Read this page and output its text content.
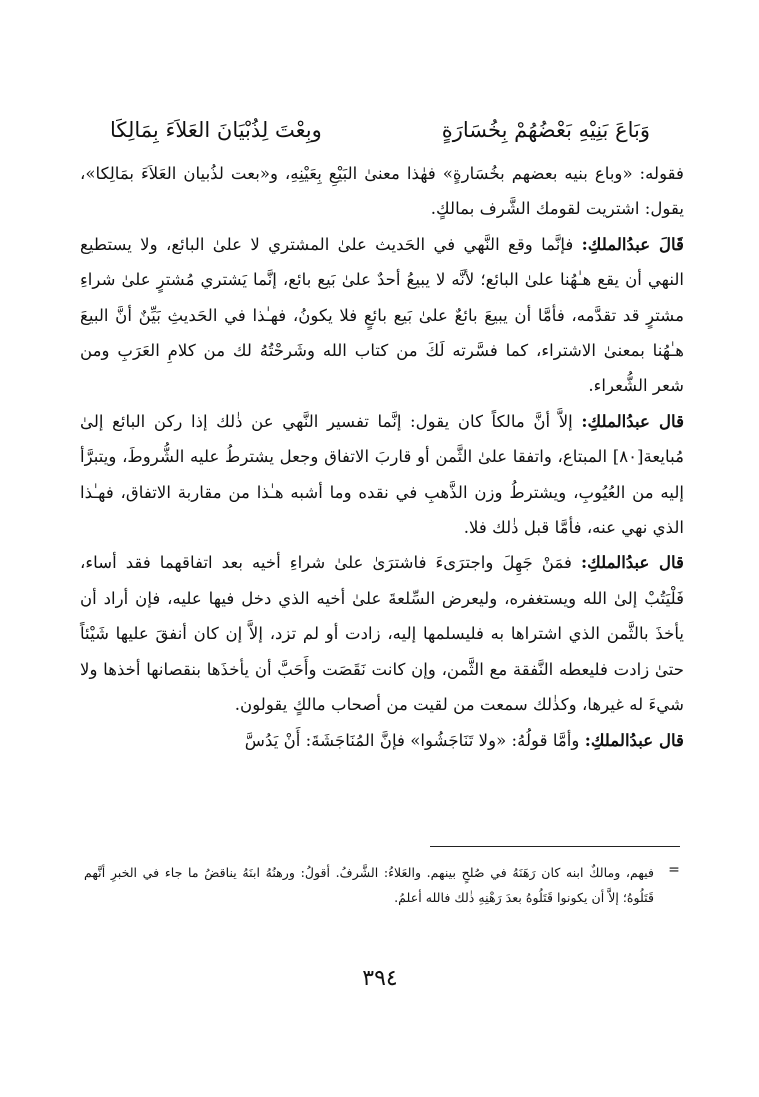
وَبَاعَ بَنِيْهِ بَعْضُهُمْ بِخُسَارَةٍ
وبِعْتَ لِذُبْيَانَ العَلاَءَ بِمَالِكَا

فقوله: «وباع بنيه بعضهم بخُسَارةٍ» فهٰذا معنىٰ البَيْعِ بِعَيْنِهِ، و«بعت لذُبيان العَلاَءَ بمَالِكا»، يقول: اشتريت لقومك الشَّرف بمالكٍ.

قَالَ عبدُالملكِ: فإنَّما وقع النَّهي في الحَديث علىٰ المشتري لا علىٰ البائع، ولا يستطيع النهي أن يقع هـٰهُنا علىٰ البائع؛ لأنَّه لا يبيعُ أحدٌ علىٰ بَيع بائع، إنَّما يَشتري مُشترٍ علىٰ شراءِ مشترٍ قد تقدَّمه، فأمَّا أن يبيعَ بائعٌ علىٰ بَيع بائعٍ فلا يكونُ، فهـٰذا في الحَديثِ بَيِّنٌ أنَّ البيعَ هـٰهُنا بمعنىٰ الاشتراء، كما فسَّرته لَكَ من كتاب الله وشَرحْتُهُ لك من كلامِ العَرَبِ ومن شعر الشُّعراء.

قال عبدُالملكِ: إلاَّ أنَّ مالكاً كان يقول: إنَّما تفسير النَّهي عن ذٰلك إذا ركن البائع إلىٰ مُبايعة[٨٠] المبتاع، واتفقا علىٰ الثَّمن أو قاربَ الاتفاق وجعل يشترطُ عليه الشُّروطَ، ويتبرَّأ إليه من العُيُوبِ، ويشترطُ وزن الذَّهبِ في نقده وما أشبه هـٰذا من مقاربة الاتفاق، فهـٰذا الذي نهي عنه، فأمَّا قبل ذٰلك فلا.

قال عبدُالملكِ: فمَنْ جَهِلَ واجترَىءَ فاشترَىٰ علىٰ شراءِ أخيه بعد اتفاقهما فقد أساء، فَلْيَتُبْ إلىٰ الله ويستغفره، وليعرض السِّلعةَ علىٰ أخيه الذي دخل فيها عليه، فإن أراد أن يأخذَ بالثَّمن الذي اشتراها به فليسلمها إليه، زادت أو لم تزد، إلاَّ إن كان أنفقَ عليها شَيْئاً حتىٰ زادت فليعطه النَّفقة مع الثَّمن، وإن كانت نَقَصَت وأَحَبَّ أن يأخذَها بنقصانها أخذها ولا شيءَ له غيرها، وكذٰلك سمعت من لقيت من أصحاب مالكٍ يقولون.

قال عبدُالملكِ: وأمَّا قولُهُ: «ولا تَنَاجَشُوا» فإنَّ المُنَاجَشَةَ: أَنْ يَدُسَّ

=

فيهم، ومالكٌ ابنه كان رَهَنَهُ في صُلحٍ بينهم. والعَلاءُ: الشَّرفُ. أقولُ: ورهنُهُ ابنَهُ يناقضُ ما جاء في الخبرِ أنَّهم قَتَلُوهُ؛ إلاَّ أن يكونوا قَتَلُوهُ بعدَ رَهْنِهِ ذٰلك فالله أعلمُ.

٣٩٤
